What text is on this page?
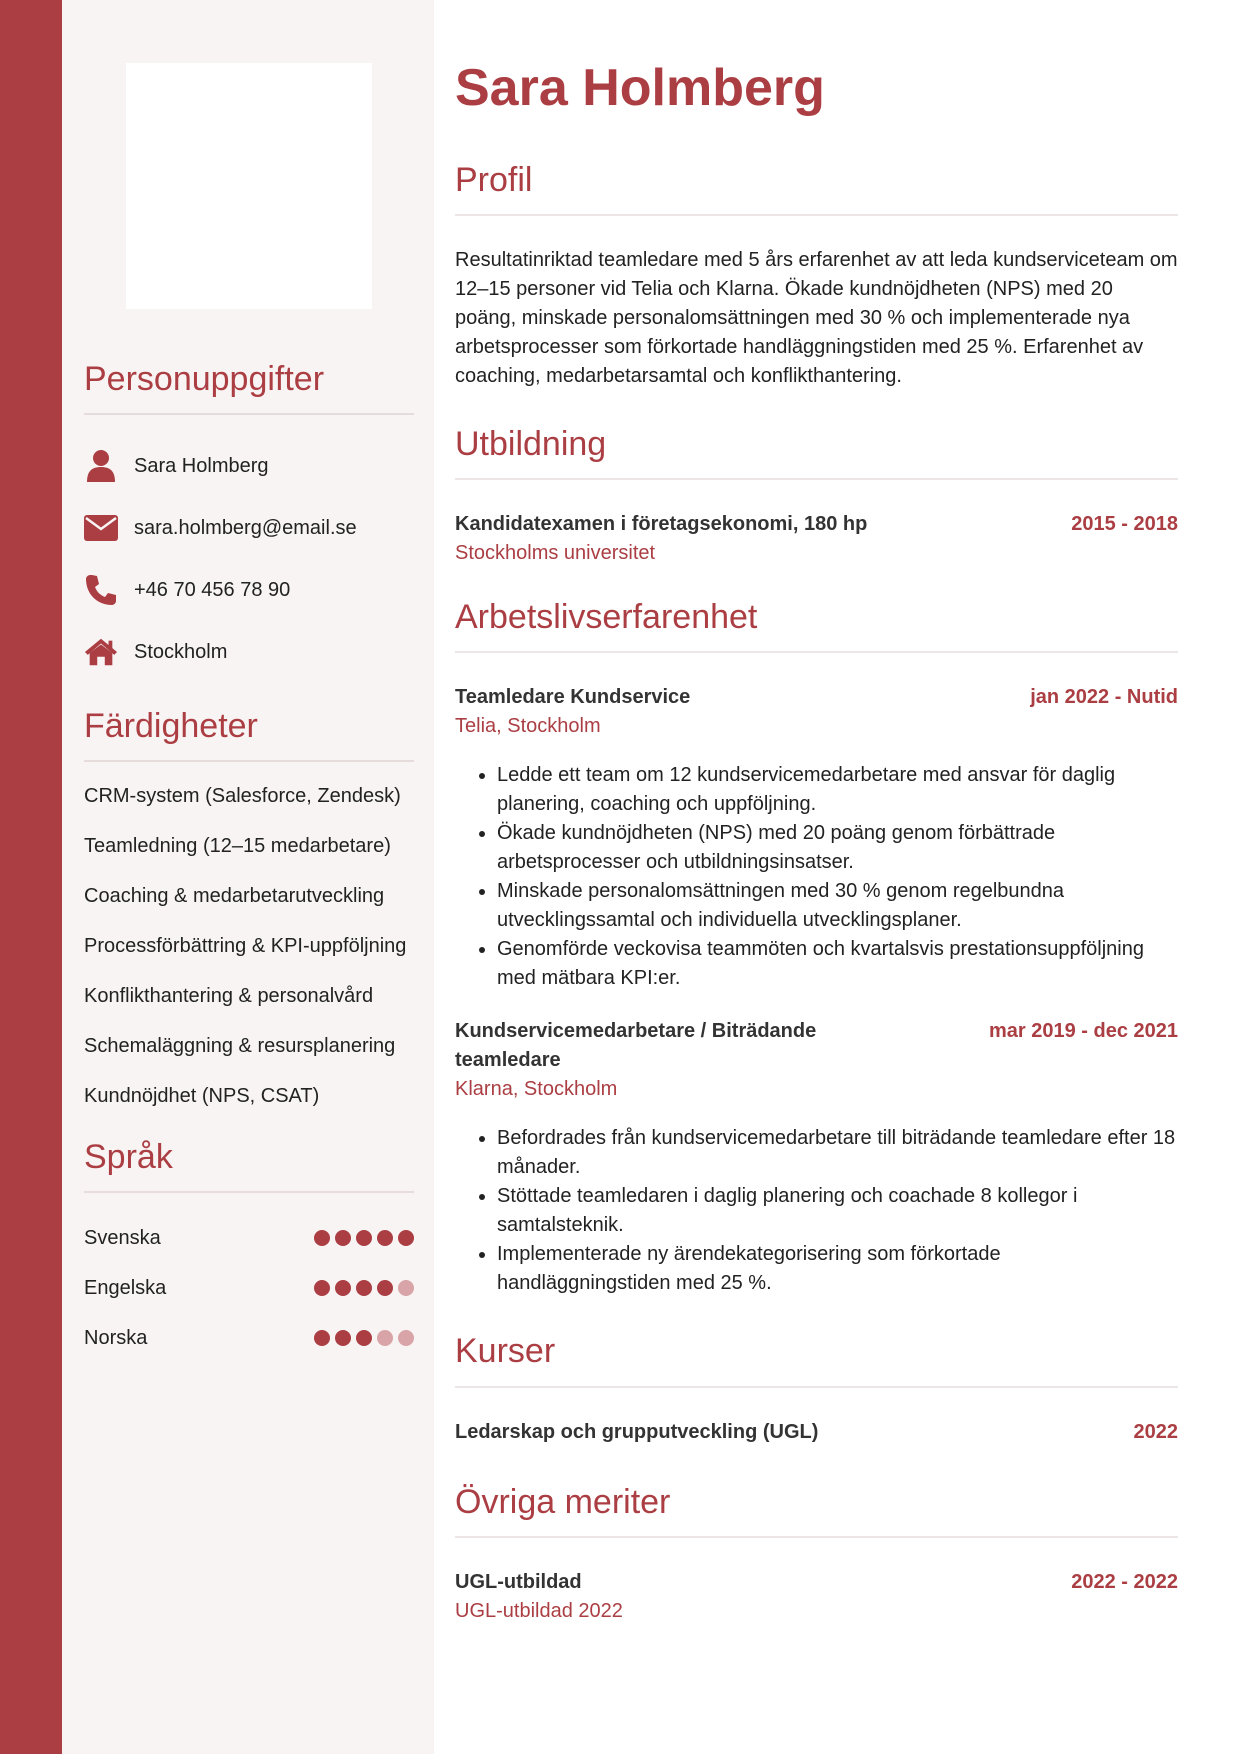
Personuppgifter
Sara Holmberg
sara.holmberg@email.se
+46 70 456 78 90
Stockholm
Färdigheter
CRM-system (Salesforce, Zendesk)
Teamledning (12–15 medarbetare)
Coaching & medarbetarutveckling
Processförbättring & KPI-uppföljning
Konflikthantering & personalvård
Schemaläggning & resursplanering
Kundnöjdhet (NPS, CSAT)
Språk
Svenska
Engelska
Norska
Sara Holmberg
Profil
Resultatinriktad teamledare med 5 års erfarenhet av att leda kundserviceteam om 12–15 personer vid Telia och Klarna. Ökade kundnöjdheten (NPS) med 20 poäng, minskade personalomsättningen med 30 % och implementerade nya arbetsprocesser som förkortade handläggningstiden med 25 %. Erfarenhet av coaching, medarbetarsamtal och konflikthantering.
Utbildning
Kandidatexamen i företagsekonomi, 180 hp	2015 - 2018
Stockholms universitet
Arbetslivserfarenhet
Teamledare Kundservice	jan 2022 - Nutid
Telia, Stockholm
• Ledde ett team om 12 kundservicemedarbetare med ansvar för daglig planering, coaching och uppföljning.
• Ökade kundnöjdheten (NPS) med 20 poäng genom förbättrade arbetsprocesser och utbildningsinsatser.
• Minskade personalomsättningen med 30 % genom regelbundna utvecklingssamtal och individuella utvecklingsplaner.
• Genomförde veckovisa teammöten och kvartalsvis prestationsuppföljning med mätbara KPI:er.
Kundservicemedarbetare / Biträdande teamledare
mar 2019 - dec 2021
Klarna, Stockholm
• Befordrades från kundservicemedarbetare till biträdande teamledare efter 18 månader.
• Stöttade teamledaren i daglig planering och coachade 8 kollegor i samtalsteknik.
• Implementerade ny ärendekategorisering som förkortade handläggningstiden med 25 %.
Kurser
Ledarskap och grupputveckling (UGL)	2022
Övriga meriter
UGL-utbildad	2022 - 2022
UGL-utbildad 2022
